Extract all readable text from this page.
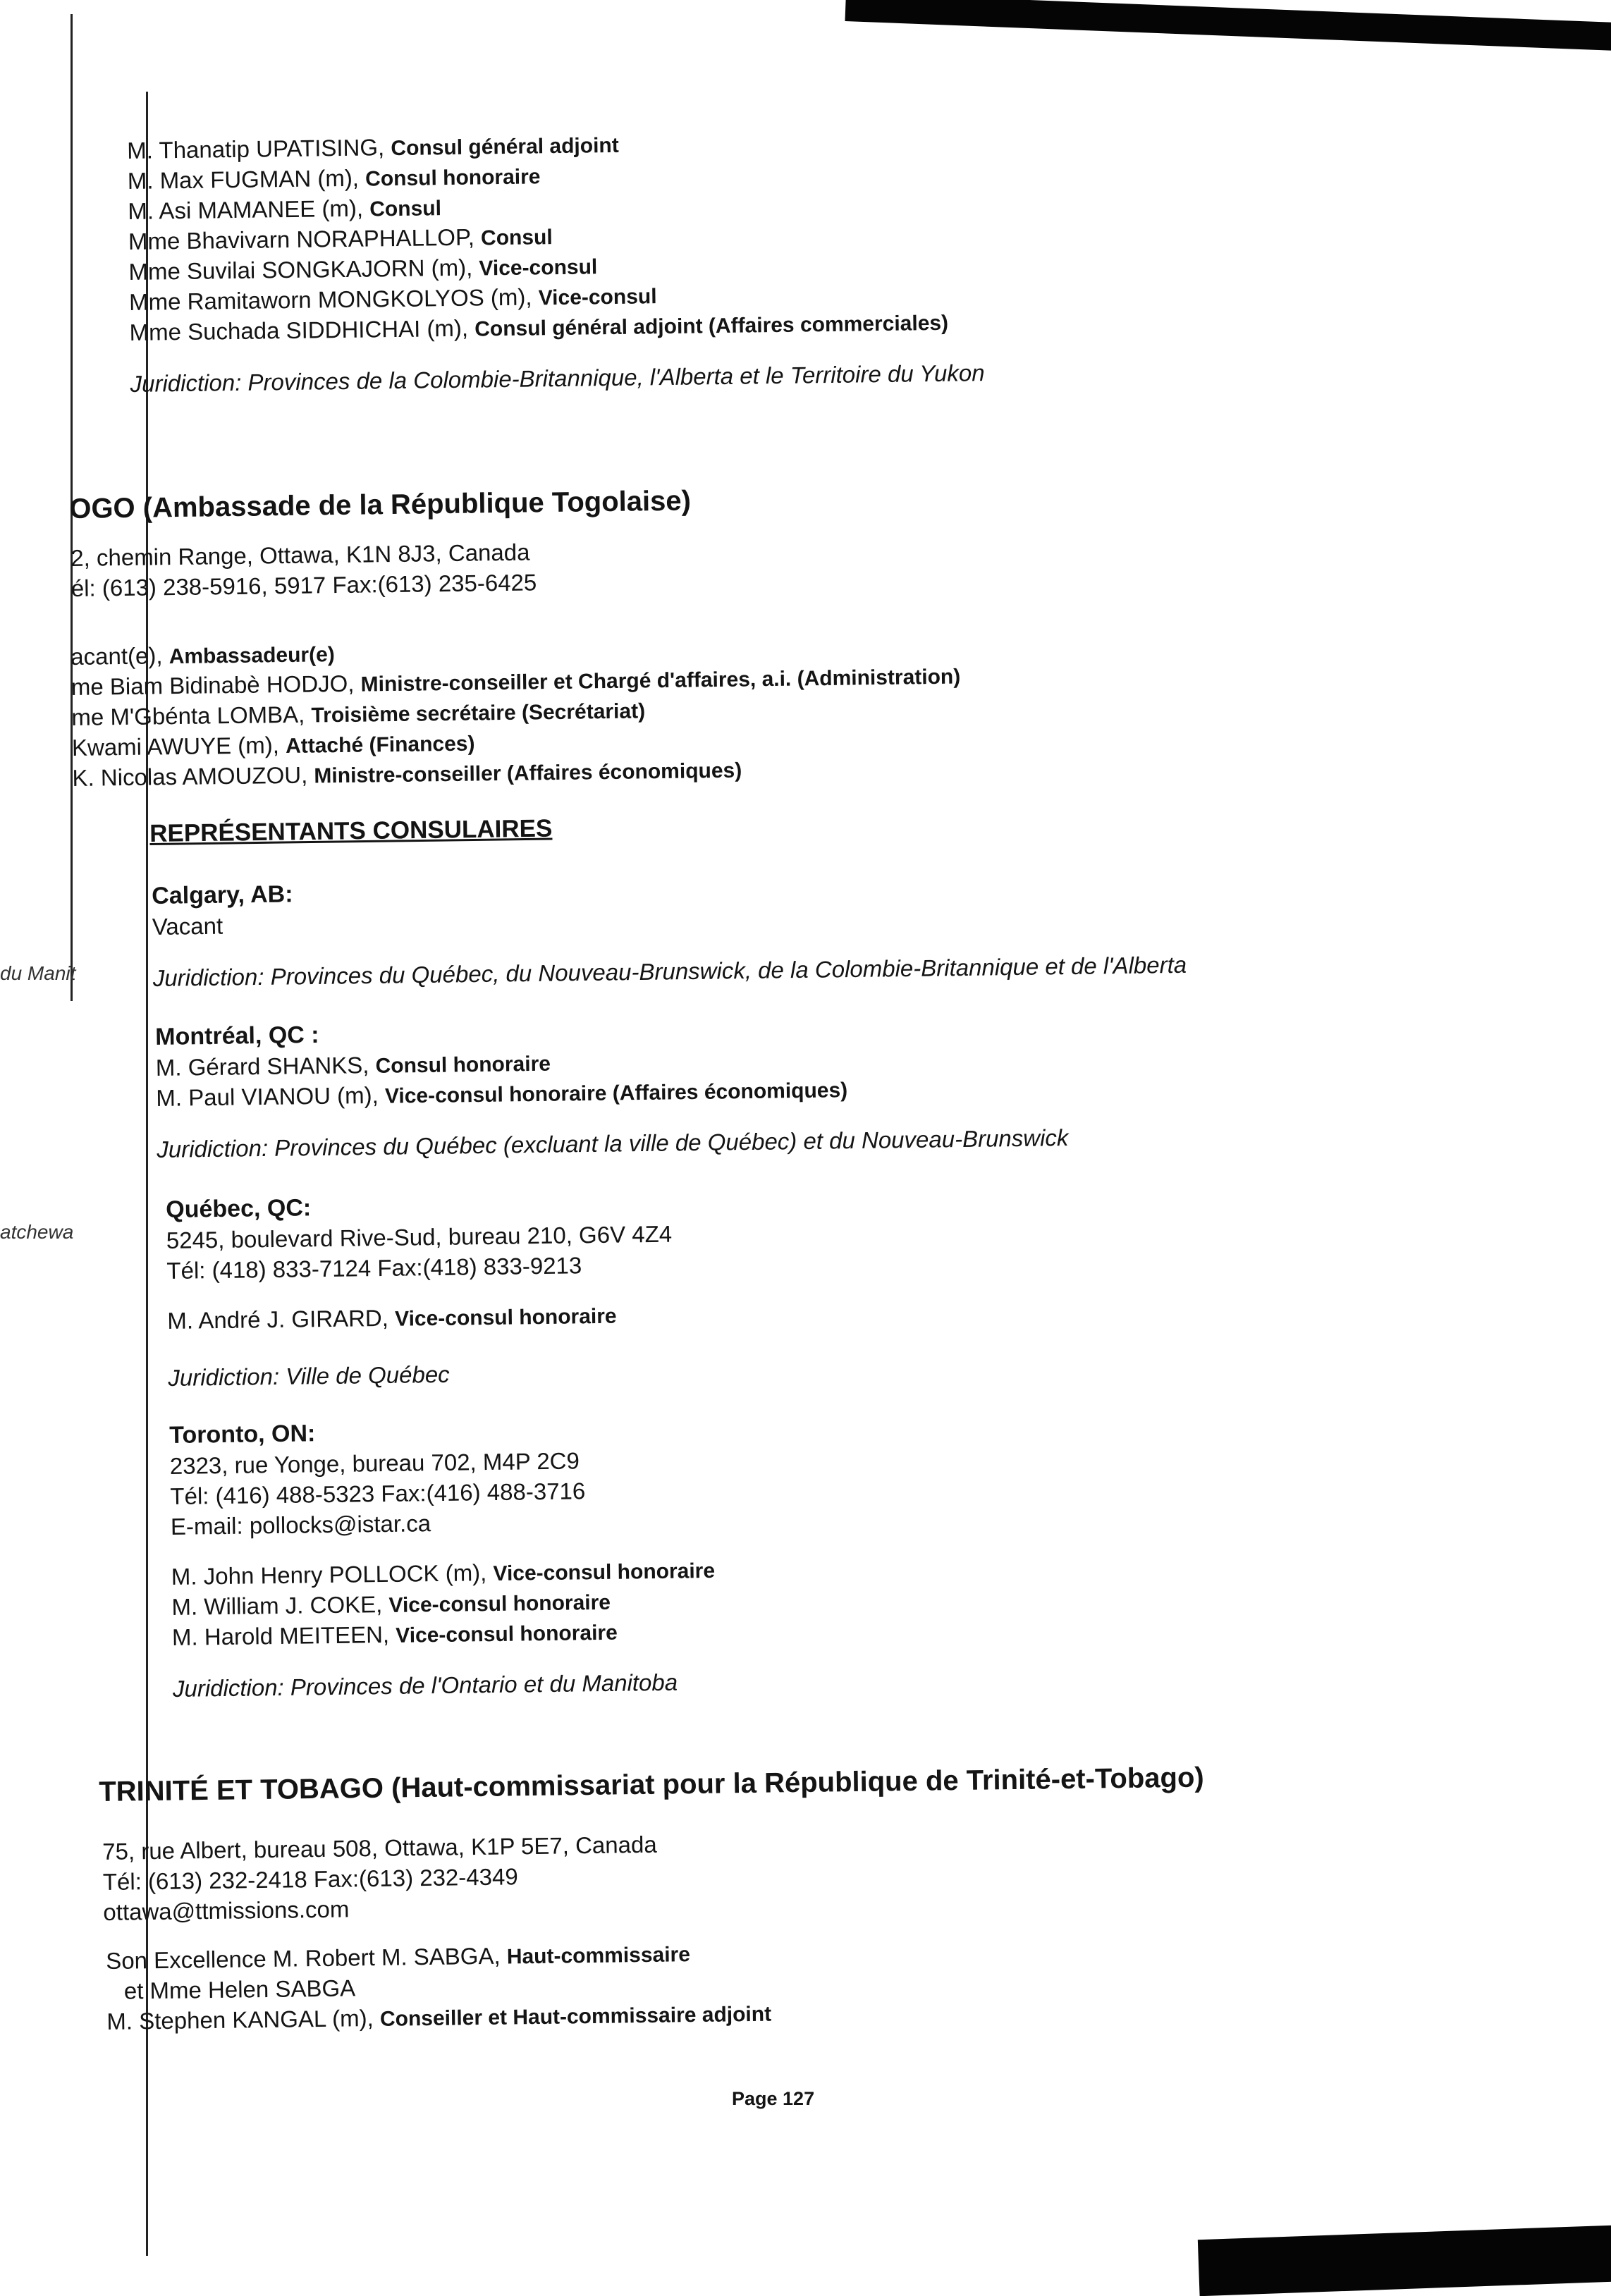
du Manit
atchewa
M. Thanatip UPATISING, Consul général adjoint
M. Max FUGMAN (m), Consul honoraire
M. Asi MAMANEE (m), Consul
Mme Bhavivarn NORAPHALLOP, Consul
Mme Suvilai SONGKAJORN (m), Vice-consul
Mme Ramitaworn MONGKOLYOS (m), Vice-consul
Mme Suchada SIDDHICHAI (m), Consul général adjoint (Affaires commerciales)
Juridiction: Provinces de la Colombie-Britannique, l'Alberta et le Territoire du Yukon
OGO (Ambassade de la République Togolaise)
2, chemin Range, Ottawa, K1N 8J3, Canada
él: (613) 238-5916, 5917 Fax:(613) 235-6425
acant(e), Ambassadeur(e)
me Biam Bidinabè HODJO, Ministre-conseiller et Chargé d'affaires, a.i. (Administration)
me M'Gbénta LOMBA, Troisième secrétaire (Secrétariat)
Kwami AWUYE (m), Attaché (Finances)
K. Nicolas AMOUZOU, Ministre-conseiller (Affaires économiques)
REPRÉSENTANTS CONSULAIRES
Calgary, AB:
Vacant
Juridiction: Provinces du Québec, du Nouveau-Brunswick, de la Colombie-Britannique et de l'Alberta
Montréal, QC :
M. Gérard SHANKS, Consul honoraire
M. Paul VIANOU (m), Vice-consul honoraire (Affaires économiques)
Juridiction: Provinces du Québec (excluant la ville de Québec) et du Nouveau-Brunswick
Québec, QC:
5245, boulevard Rive-Sud, bureau 210, G6V 4Z4
Tél: (418) 833-7124 Fax:(418) 833-9213
M. André J. GIRARD, Vice-consul honoraire
Juridiction: Ville de Québec
Toronto, ON:
2323, rue Yonge, bureau 702, M4P 2C9
Tél: (416) 488-5323 Fax:(416) 488-3716
E-mail: pollocks@istar.ca
M. John Henry POLLOCK (m), Vice-consul honoraire
M. William J. COKE, Vice-consul honoraire
M. Harold MEITEEN, Vice-consul honoraire
Juridiction: Provinces de l'Ontario et du Manitoba
TRINITÉ ET TOBAGO (Haut-commissariat pour la République de Trinité-et-Tobago)
75, rue Albert, bureau 508, Ottawa, K1P 5E7, Canada
Tél: (613) 232-2418 Fax:(613) 232-4349
ottawa@ttmissions.com
Son Excellence M. Robert M. SABGA, Haut-commissaire
et Mme Helen SABGA
M. Stephen KANGAL (m), Conseiller et Haut-commissaire adjoint
Page 127
